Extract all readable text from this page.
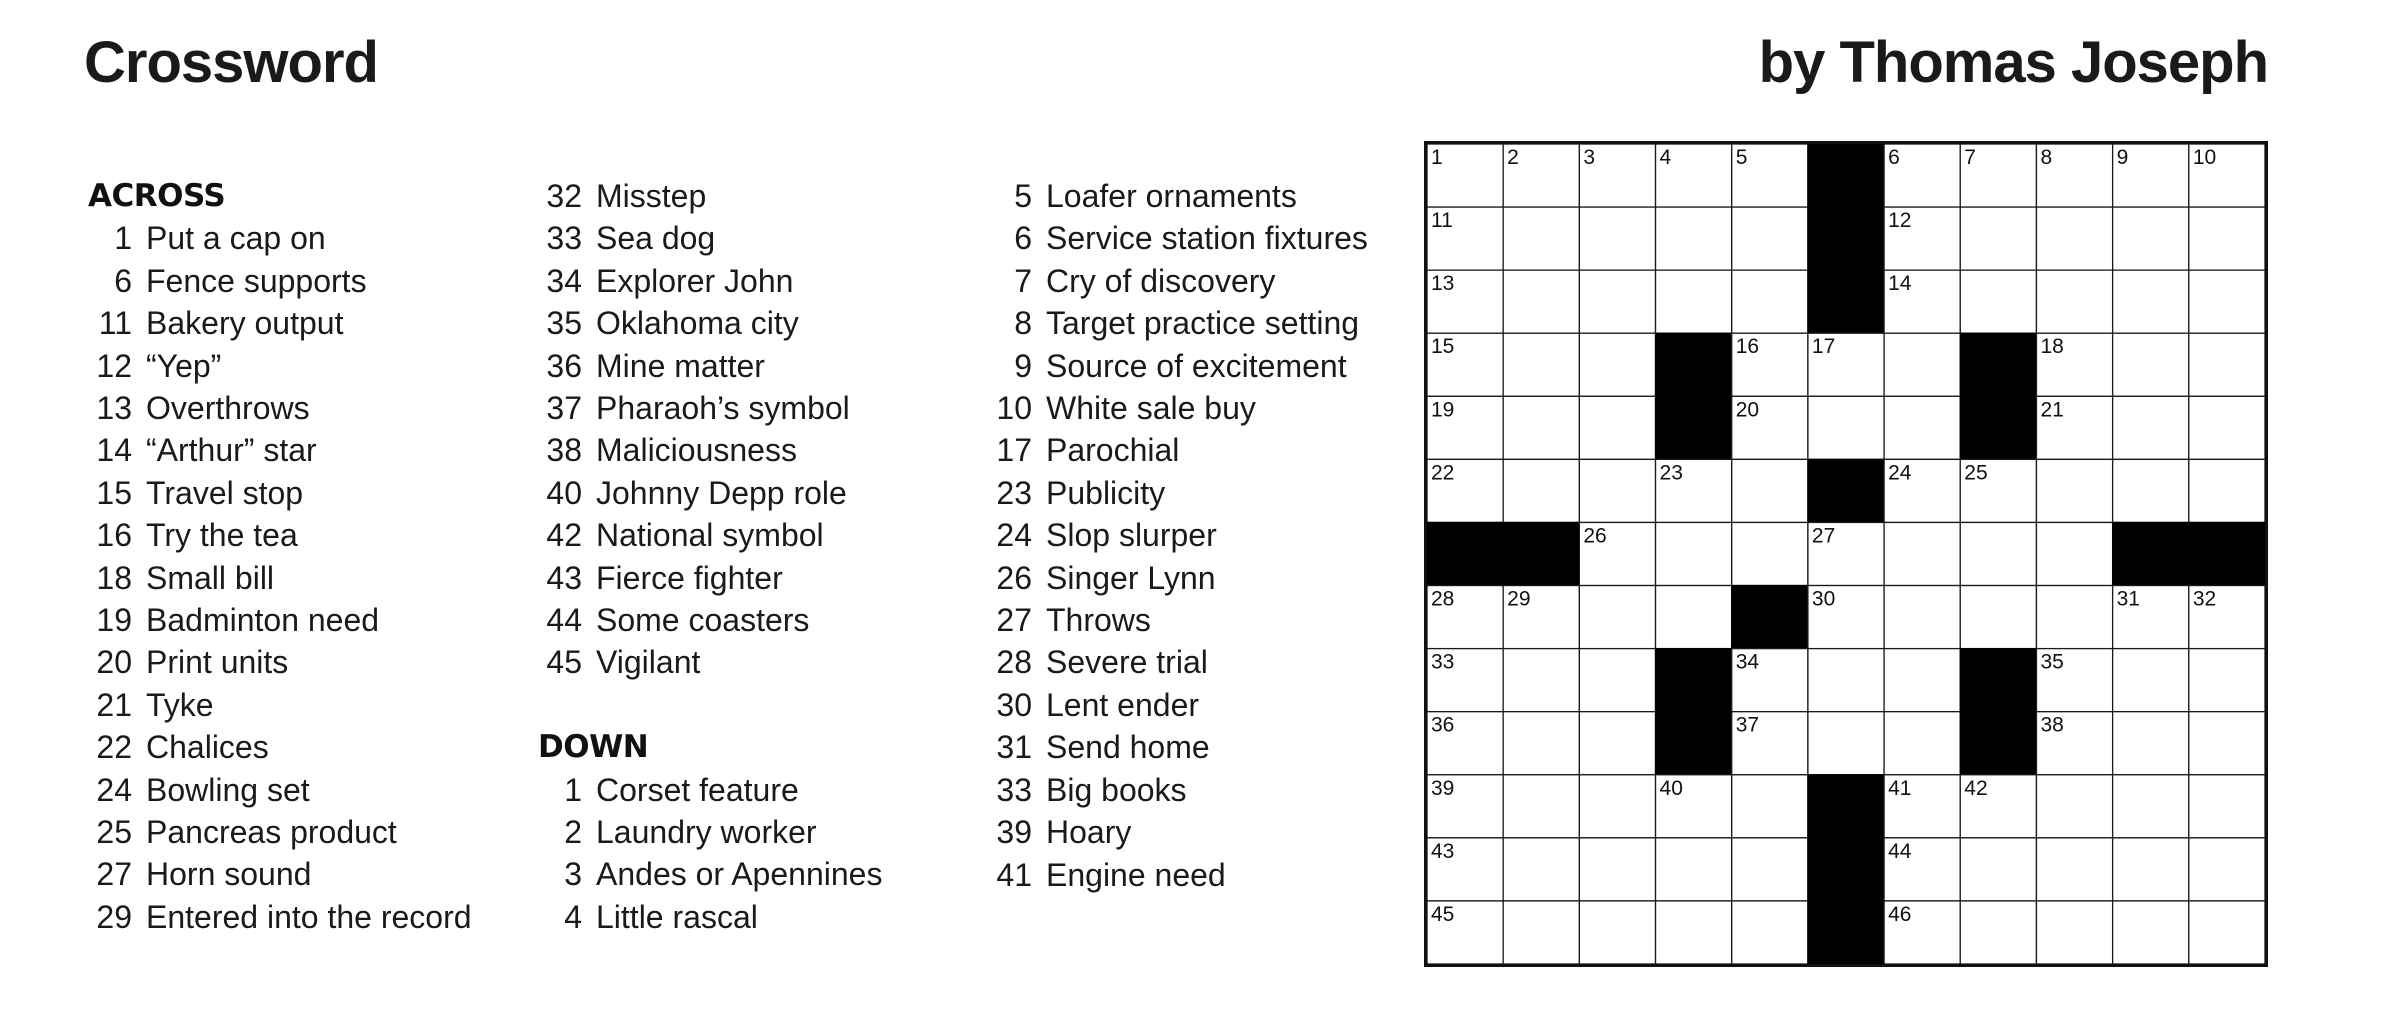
Crossword	by Thomas Joseph
ACROSS
1 Put a cap on
6 Fence supports
11 Bakery output
12 “Yep”
13 Overthrows
14 “Arthur” star
15 Travel stop
16 Try the tea
18 Small bill
19 Badminton need
20 Print units
21 Tyke
22 Chalices
24 Bowling set
25 Pancreas product
27 Horn sound
29 Entered into the record
32 Misstep
33 Sea dog
34 Explorer John
35 Oklahoma city
36 Mine matter
37 Pharaoh’s symbol
38 Maliciousness
40 Johnny Depp role
42 National symbol
43 Fierce fighter
44 Some coasters
45 Vigilant
DOWN
1 Corset feature
2 Laundry worker
3 Andes or Apennines
4 Little rascal
5 Loafer ornaments
6 Service station fixtures
7 Cry of discovery
8 Target practice setting
9 Source of excitement
10 White sale buy
17 Parochial
23 Publicity
24 Slop slurper
26 Singer Lynn
27 Throws
28 Severe trial
30 Lent ender
31 Send home
33 Big books
39 Hoary
41 Engine need
1	2	3	4	5	6	7	8	9	10
11	12
13	14
15	16	17	18
19	20	21
22	23	24	25
26	27
28	29	30	31	32
33	34	35
36	37	38
39	40	41	42
43	44
45	46
